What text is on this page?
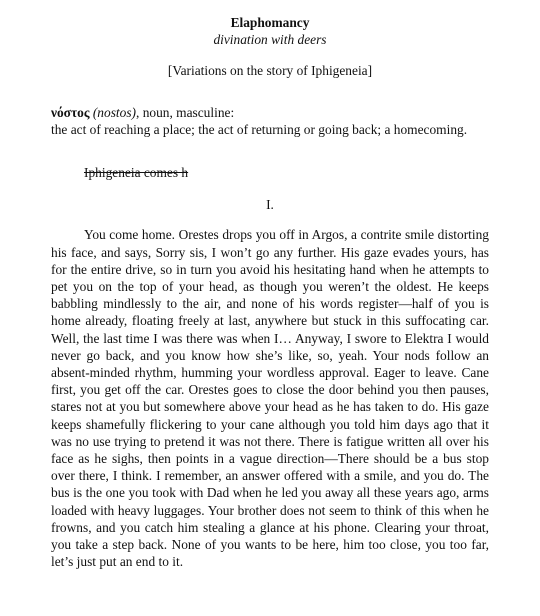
Elaphomancy
divination with deers
[Variations on the story of Iphigeneia]
νόστος (nostos), noun, masculine:
the act of reaching a place; the act of returning or going back; a homecoming.
Iphigeneia comes h
I.

You come home. Orestes drops you off in Argos, a contrite smile distorting his face, and says, Sorry sis, I won’t go any further. His gaze evades yours, has for the entire drive, so in turn you avoid his hesitating hand when he attempts to pet you on the top of your head, as though you weren’t the oldest. He keeps babbling mindlessly to the air, and none of his words register—half of you is home already, floating freely at last, anywhere but stuck in this suffocating car. Well, the last time I was there was when I… Anyway, I swore to Elektra I would never go back, and you know how she’s like, so, yeah. Your nods follow an absent-minded rhythm, humming your wordless approval. Eager to leave. Cane first, you get off the car. Orestes goes to close the door behind you then pauses, stares not at you but somewhere above your head as he has taken to do. His gaze keeps shamefully flickering to your cane although you told him days ago that it was no use trying to pretend it was not there. There is fatigue written all over his face as he sighs, then points in a vague direction—There should be a bus stop over there, I think. I remember, an answer offered with a smile, and you do. The bus is the one you took with Dad when he led you away all these years ago, arms loaded with heavy luggages. Your brother does not seem to think of this when he frowns, and you catch him stealing a glance at his phone. Clearing your throat, you take a step back. None of you wants to be here, him too close, you too far, let’s just put an end to it.
